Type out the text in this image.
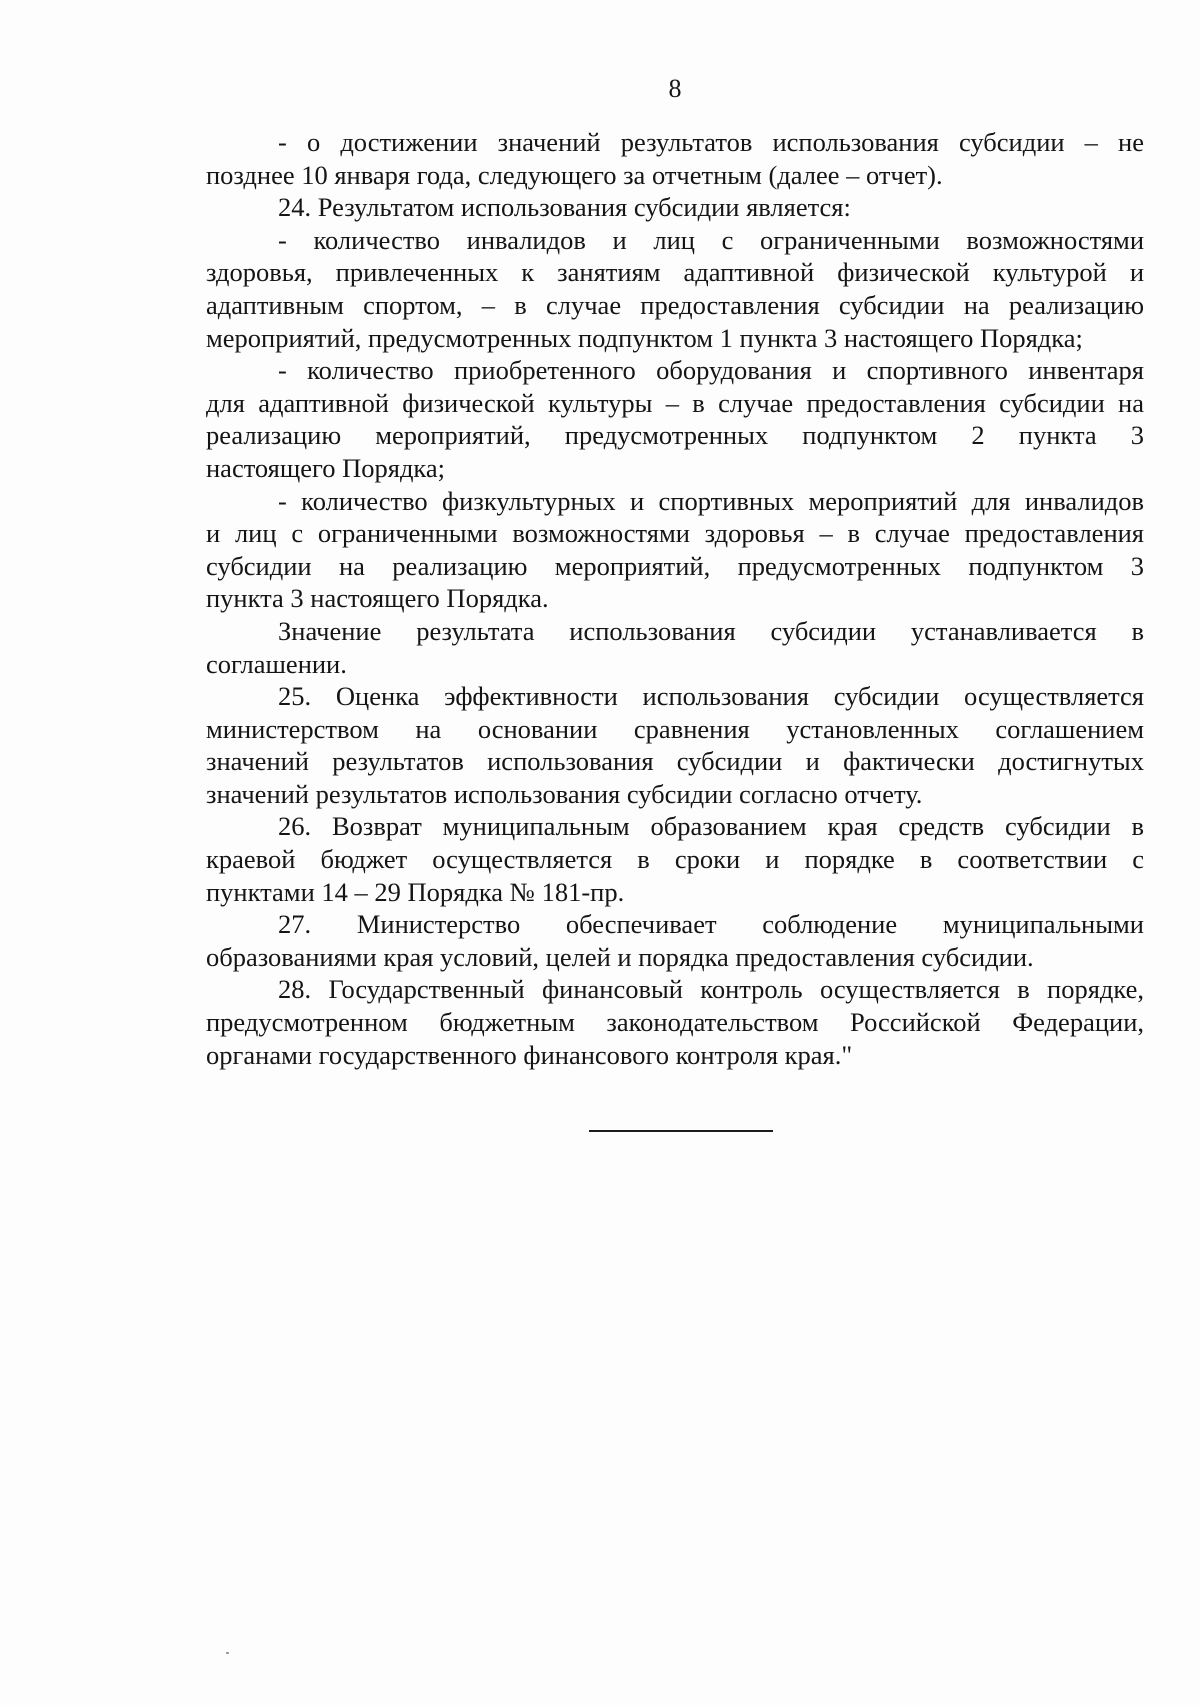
8
- о достижении значений результатов использования субсидии – не
позднее 10 января года, следующего за отчетным (далее – отчет).
24. Результатом использования субсидии является:
- количество инвалидов и лиц с ограниченными возможностями
здоровья, привлеченных к занятиям адаптивной физической культурой и
адаптивным спортом, – в случае предоставления субсидии на реализацию
мероприятий, предусмотренных подпунктом 1 пункта 3 настоящего Порядка;
- количество приобретенного оборудования и спортивного инвентаря
для адаптивной физической культуры – в случае предоставления субсидии на
реализацию мероприятий, предусмотренных подпунктом 2 пункта 3
настоящего Порядка;
- количество физкультурных и спортивных мероприятий для инвалидов
и лиц с ограниченными возможностями здоровья – в случае предоставления
субсидии на реализацию мероприятий, предусмотренных подпунктом 3
пункта 3 настоящего Порядка.
Значение результата использования субсидии устанавливается в
соглашении.
25. Оценка эффективности использования субсидии осуществляется
министерством на основании сравнения установленных соглашением
значений результатов использования субсидии и фактически достигнутых
значений результатов использования субсидии согласно отчету.
26. Возврат муниципальным образованием края средств субсидии в
краевой бюджет осуществляется в сроки и порядке в соответствии с
пунктами 14 – 29 Порядка № 181-пр.
27. Министерство обеспечивает соблюдение муниципальными
образованиями края условий, целей и порядка предоставления субсидии.
28. Государственный финансовый контроль осуществляется в порядке,
предусмотренном бюджетным законодательством Российской Федерации,
органами государственного финансового контроля края."
